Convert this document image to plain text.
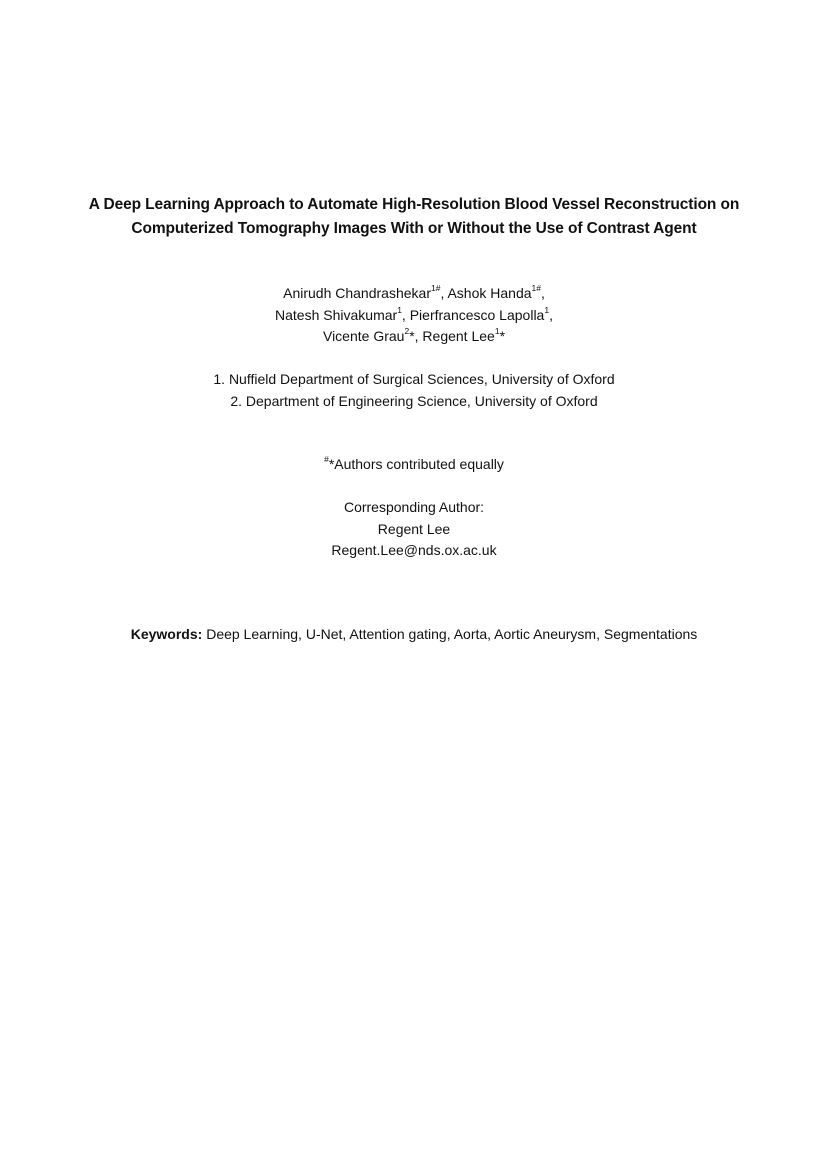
A Deep Learning Approach to Automate High-Resolution Blood Vessel Reconstruction on
Computerized Tomography Images With or Without the Use of Contrast Agent
Anirudh Chandrashekar$^{1\#}$, Ashok Handa$^{1\#}$,
Natesh Shivakumar$^1$, Pierfrancesco Lapolla$^1$,
Vicente Grau$^2$*, Regent Lee$^1$*
1. Nuffield Department of Surgical Sciences, University of Oxford
2. Department of Engineering Science, University of Oxford
#*Authors contributed equally
Corresponding Author:
Regent Lee
Regent.Lee@nds.ox.ac.uk
Keywords: Deep Learning, U-Net, Attention gating, Aorta, Aortic Aneurysm, Segmentations
